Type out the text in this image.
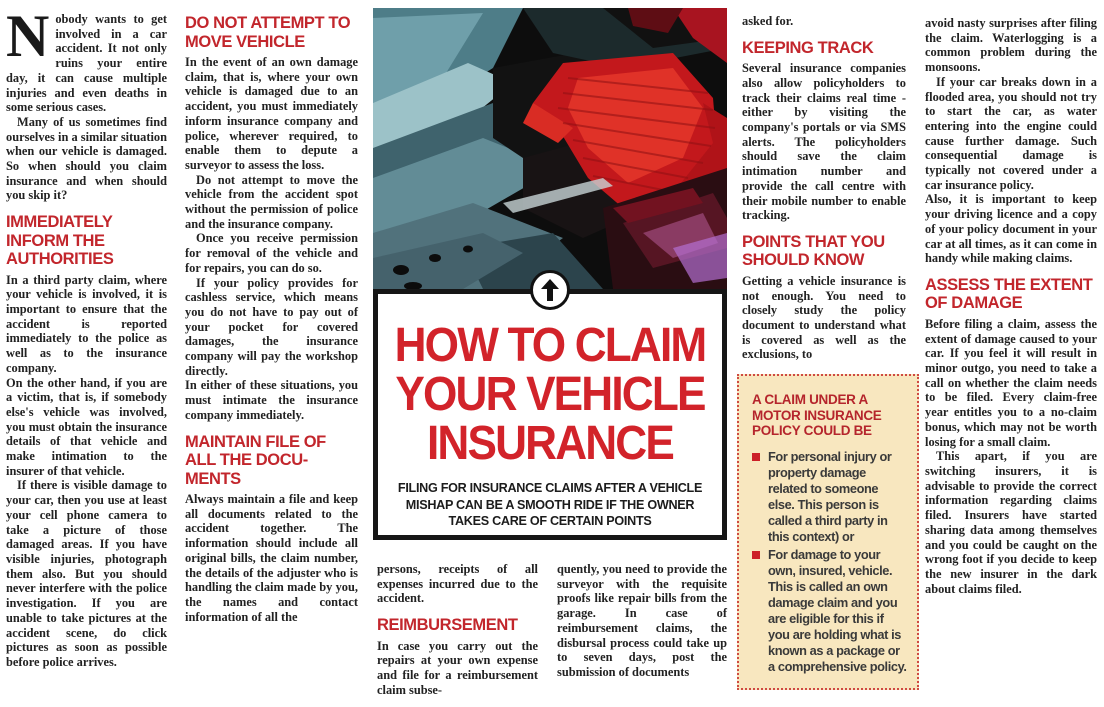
Nobody wants to get involved in a car accident. It not only ruins your entire day, it can cause multiple injuries and even deaths in some serious cases.

Many of us sometimes find ourselves in a similar situation when our vehicle is damaged. So when should you claim insurance and when should you skip it?

IMMEDIATELY INFORM THE AUTHORITIES

In a third party claim, where your vehicle is involved, it is important to ensure that the accident is reported immediately to the police as well as to the insurance company.

On the other hand, if you are a victim, that is, if somebody else's vehicle was involved, you must obtain the insurance details of that vehicle and make intimation to the insurer of that vehicle.

If there is visible damage to your car, then you use at least your cell phone camera to take a picture of those damaged areas. If you have visible injuries, photograph them also. But you should never interfere with the police investigation. If you are unable to take pictures at the accident scene, do click pictures as soon as possible before police arrives.

DO NOT ATTEMPT TO MOVE VEHICLE

In the event of an own damage claim, that is, where your own vehicle is damaged due to an accident, you must immediately inform insurance company and police, wherever required, to enable them to depute a surveyor to assess the loss.

Do not attempt to move the vehicle from the accident spot without the permission of police and the insurance company.

Once you receive permission for removal of the vehicle and for repairs, you can do so.

If your policy provides for cashless service, which means you do not have to pay out of your pocket for covered damages, the insurance company will pay the workshop directly.

In either of these situations, you must intimate the insurance company immediately.

MAINTAIN FILE OF ALL THE DOCUMENTS

Always maintain a file and keep all documents related to the accident together. The information should include all original bills, the claim number, the details of the adjuster who is handling the claim made by you, the names and contact information of all the

HOW TO CLAIM
YOUR VEHICLE
INSURANCE
FILING FOR INSURANCE CLAIMS AFTER A VEHICLE MISHAP CAN BE A SMOOTH RIDE IF THE OWNER TAKES CARE OF CERTAIN POINTS

persons, receipts of all expenses incurred due to the accident.

REIMBURSEMENT

In case you carry out the repairs at your own expense and file for a reimbursement claim subse-

quently, you need to provide the surveyor with the requisite proofs like repair bills from the garage. In case of reimbursement claims, the disbursal process could take up to seven days, post the submission of documents

asked for.

KEEPING TRACK

Several insurance companies also allow policyholders to track their claims real time - either by visiting the company's portals or via SMS alerts. The policyholders should save the claim intimation number and provide the call centre with their mobile number to enable tracking.

POINTS THAT YOU SHOULD KNOW

Getting a vehicle insurance is not enough. You need to closely study the policy document to understand what is covered as well as the exclusions, to

A CLAIM UNDER A MOTOR INSURANCE POLICY COULD BE
For personal injury or property damage related to someone else. This person is called a third party in this context) or
For damage to your own, insured, vehicle. This is called an own damage claim and you are eligible for this if you are holding what is known as a package or a comprehensive policy.

avoid nasty surprises after filing the claim. Waterlogging is a common problem during the monsoons.

If your car breaks down in a flooded area, you should not try to start the car, as water entering into the engine could cause further damage. Such consequential damage is typically not covered under a car insurance policy.

Also, it is important to keep your driving licence and a copy of your policy document in your car at all times, as it can come in handy while making claims.

ASSESS THE EXTENT OF DAMAGE

Before filing a claim, assess the extent of damage caused to your car. If you feel it will result in minor outgo, you need to take a call on whether the claim needs to be filed. Every claim-free year entitles you to a no-claim bonus, which may not be worth losing for a small claim.

This apart, if you are switching insurers, it is advisable to provide the correct information regarding claims filed. Insurers have started sharing data among themselves and you could be caught on the wrong foot if you decide to keep the new insurer in the dark about claims filed.
